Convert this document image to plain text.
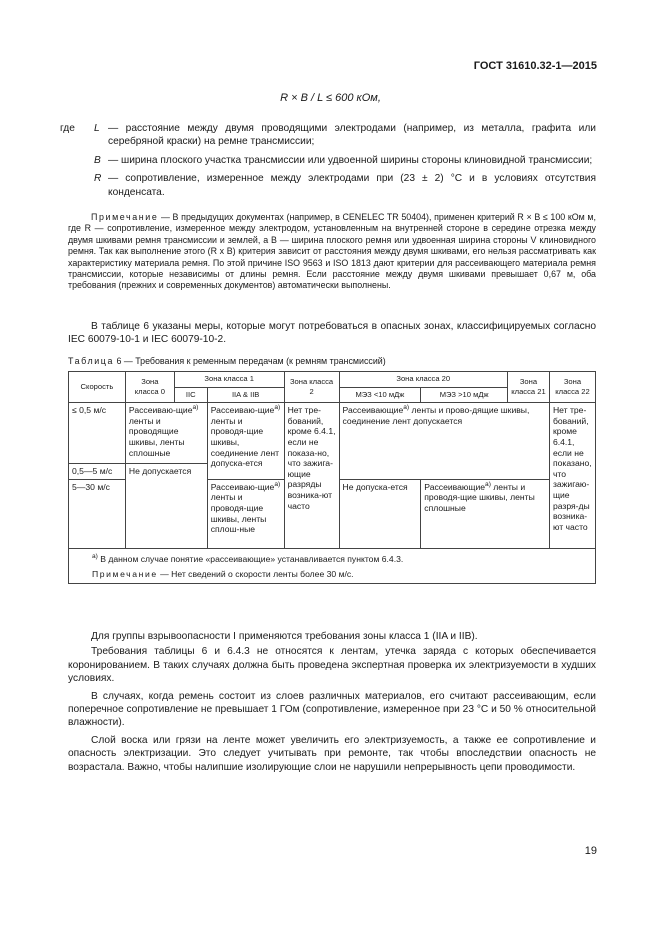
ГОСТ 31610.32-1—2015
R × B / L ≤ 600 кОм,
где L — расстояние между двумя проводящими электродами (например, из металла, графита или серебряной краски) на ремне трансмиссии;
B — ширина плоского участка трансмиссии или удвоенной ширины стороны клиновидной трансмиссии;
R — сопротивление, измеренное между электродами при (23 ± 2) °С и в условиях отсутствия конденсата.
Примечание — В предыдущих документах (например, в CENELEC TR 50404), применен критерий R × B ≤ 100 кОм м, где R — сопротивление, измеренное между электродом, установленным на внутренней стороне в середине отрезка между двумя шкивами ремня трансмиссии и землей, а B — ширина плоского ремня или удвоенная ширина стороны V клиновидного ремня. Так как выполнение этого (R x B) критерия зависит от расстояния между двумя шкивами, его нельзя рассматривать как характеристику материала ремня. По этой причине ISO 9563 и ISO 1813 дают критерии для рассеивающего материала ремня трансмиссии, которые независимы от длины ремня. Если расстояние между двумя шкивами превышает 0,67 м, оба требования (прежних и современных документов) автоматически выполнены.
В таблице 6 указаны меры, которые могут потребоваться в опасных зонах, классифицируемых согласно IEC 60079-10-1 и IEC 60079-10-2.
Таблица 6 — Требования к ременным передачам (к ремням трансмиссий)
Скорость	Зона класса 0	Зона класса 1		Зона класса 2	Зона класса 20		Зона класса 21	Зона класса 22
		IIC	IIA & IIB		МЭЗ <10 мДж	МЭЗ >10 мДж		
≤ 0,5 м/с	Рассеиваю-щие$^{a)}$ ленты и проводящие шкивы, ленты сплошные		Рассеиваю-щие$^{a)}$ ленты и проводя-щие шкивы, соединение лент допуска-ется	Нет тре-бований, кроме 6.4.1, если не показа-но, что зажига-ющие разряды возника-ют часто	Рассеивающие$^{a)}$ ленты и прово-дящие шкивы, соединение лент допускается			Нет тре-бований, кроме 6.4.1, если не показано, что зажигаю-щие разря-ды возника-ют часто
0,5—5 м/с	Не допускается							
5—30 м/с			Рассеиваю-щие$^{a)}$ ленты и проводя-щие шкивы, ленты сплош-ные		Не допуска-ется	Рассеивающие$^{a)}$ ленты и проводя-щие шкивы, ленты сплошные		

$^{a)}$ В данном случае понятие «рассеивающие» устанавливается пунктом 6.4.3.
Примечание — Нет сведений о скорости ленты более 30 м/с.								

Для группы взрывоопасности I применяются требования зоны класса 1 (IIA и IIB).

Требования таблицы 6 и 6.4.3 не относятся к лентам, утечка заряда с которых обеспечивается коронированием. В таких случаях должна быть проведена экспертная проверка их электризуемости в худших условиях.

В случаях, когда ремень состоит из слоев различных материалов, его считают рассеивающим, если поперечное сопротивление не превышает 1 ГОм (сопротивление, измеренное при 23 °С и 50 % относительной влажности).

Слой воска или грязи на ленте может увеличить его электризуемость, а также ее сопротивление и опасность электризации. Это следует учитывать при ремонте, так чтобы впоследствии опасность не возрастала. Важно, чтобы налипшие изолирующие слои не нарушили непрерывность цепи проводимости.

19
